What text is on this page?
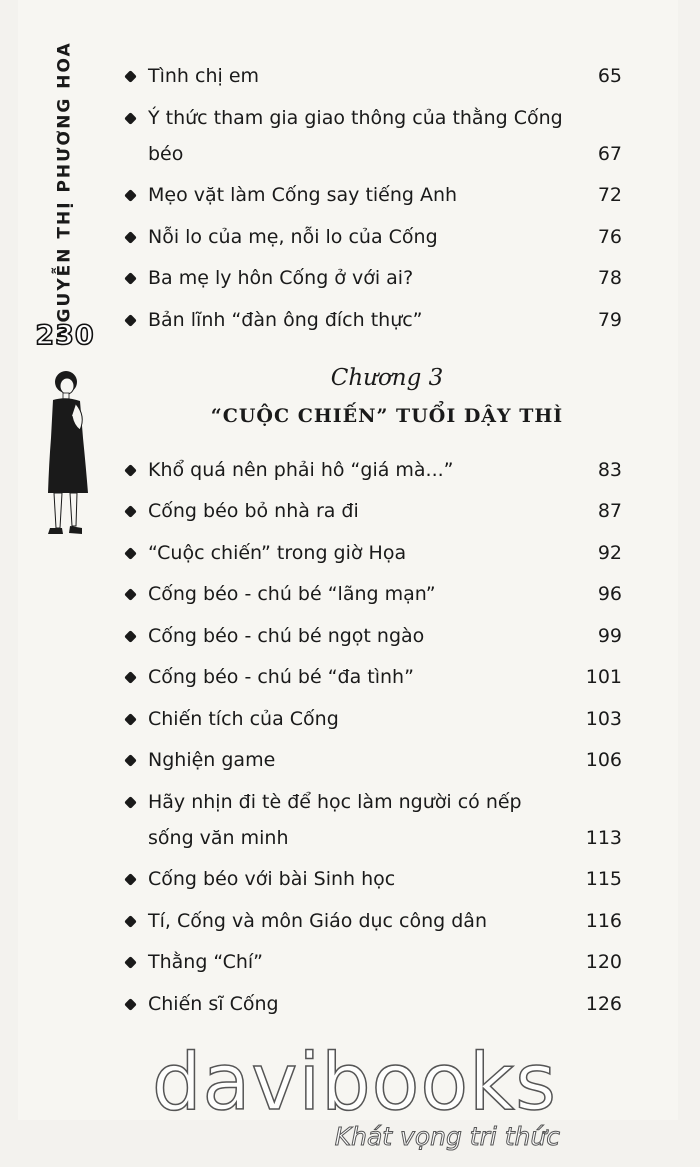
NGUYỄN THỊ PHƯƠNG HOA
230
Tình chị em	65
Ý thức tham gia giao thông của thằng Cống béo	67
Mẹo vặt làm Cống say tiếng Anh	72
Nỗi lo của mẹ, nỗi lo của Cống	76
Ba mẹ ly hôn Cống ở với ai?	78
Bản lĩnh “đàn ông đích thực”	79
Chương 3
“CUỘC CHIẾN” TUỔI DẬY THÌ
Khổ quá nên phải hô “giá mà...”	83
Cống béo bỏ nhà ra đi	87
“Cuộc chiến” trong giờ Họa	92
Cống béo - chú bé “lãng mạn”	96
Cống béo - chú bé ngọt ngào	99
Cống béo - chú bé “đa tình”	101
Chiến tích của Cống	103
Nghiện game	106
Hãy nhịn đi tè để học làm người có nếp sống văn minh	113
Cống béo với bài Sinh học	115
Tí, Cống và môn Giáo dục công dân	116
Thằng “Chí”	120
Chiến sĩ Cống	126
davibooks
Khát vọng tri thức
